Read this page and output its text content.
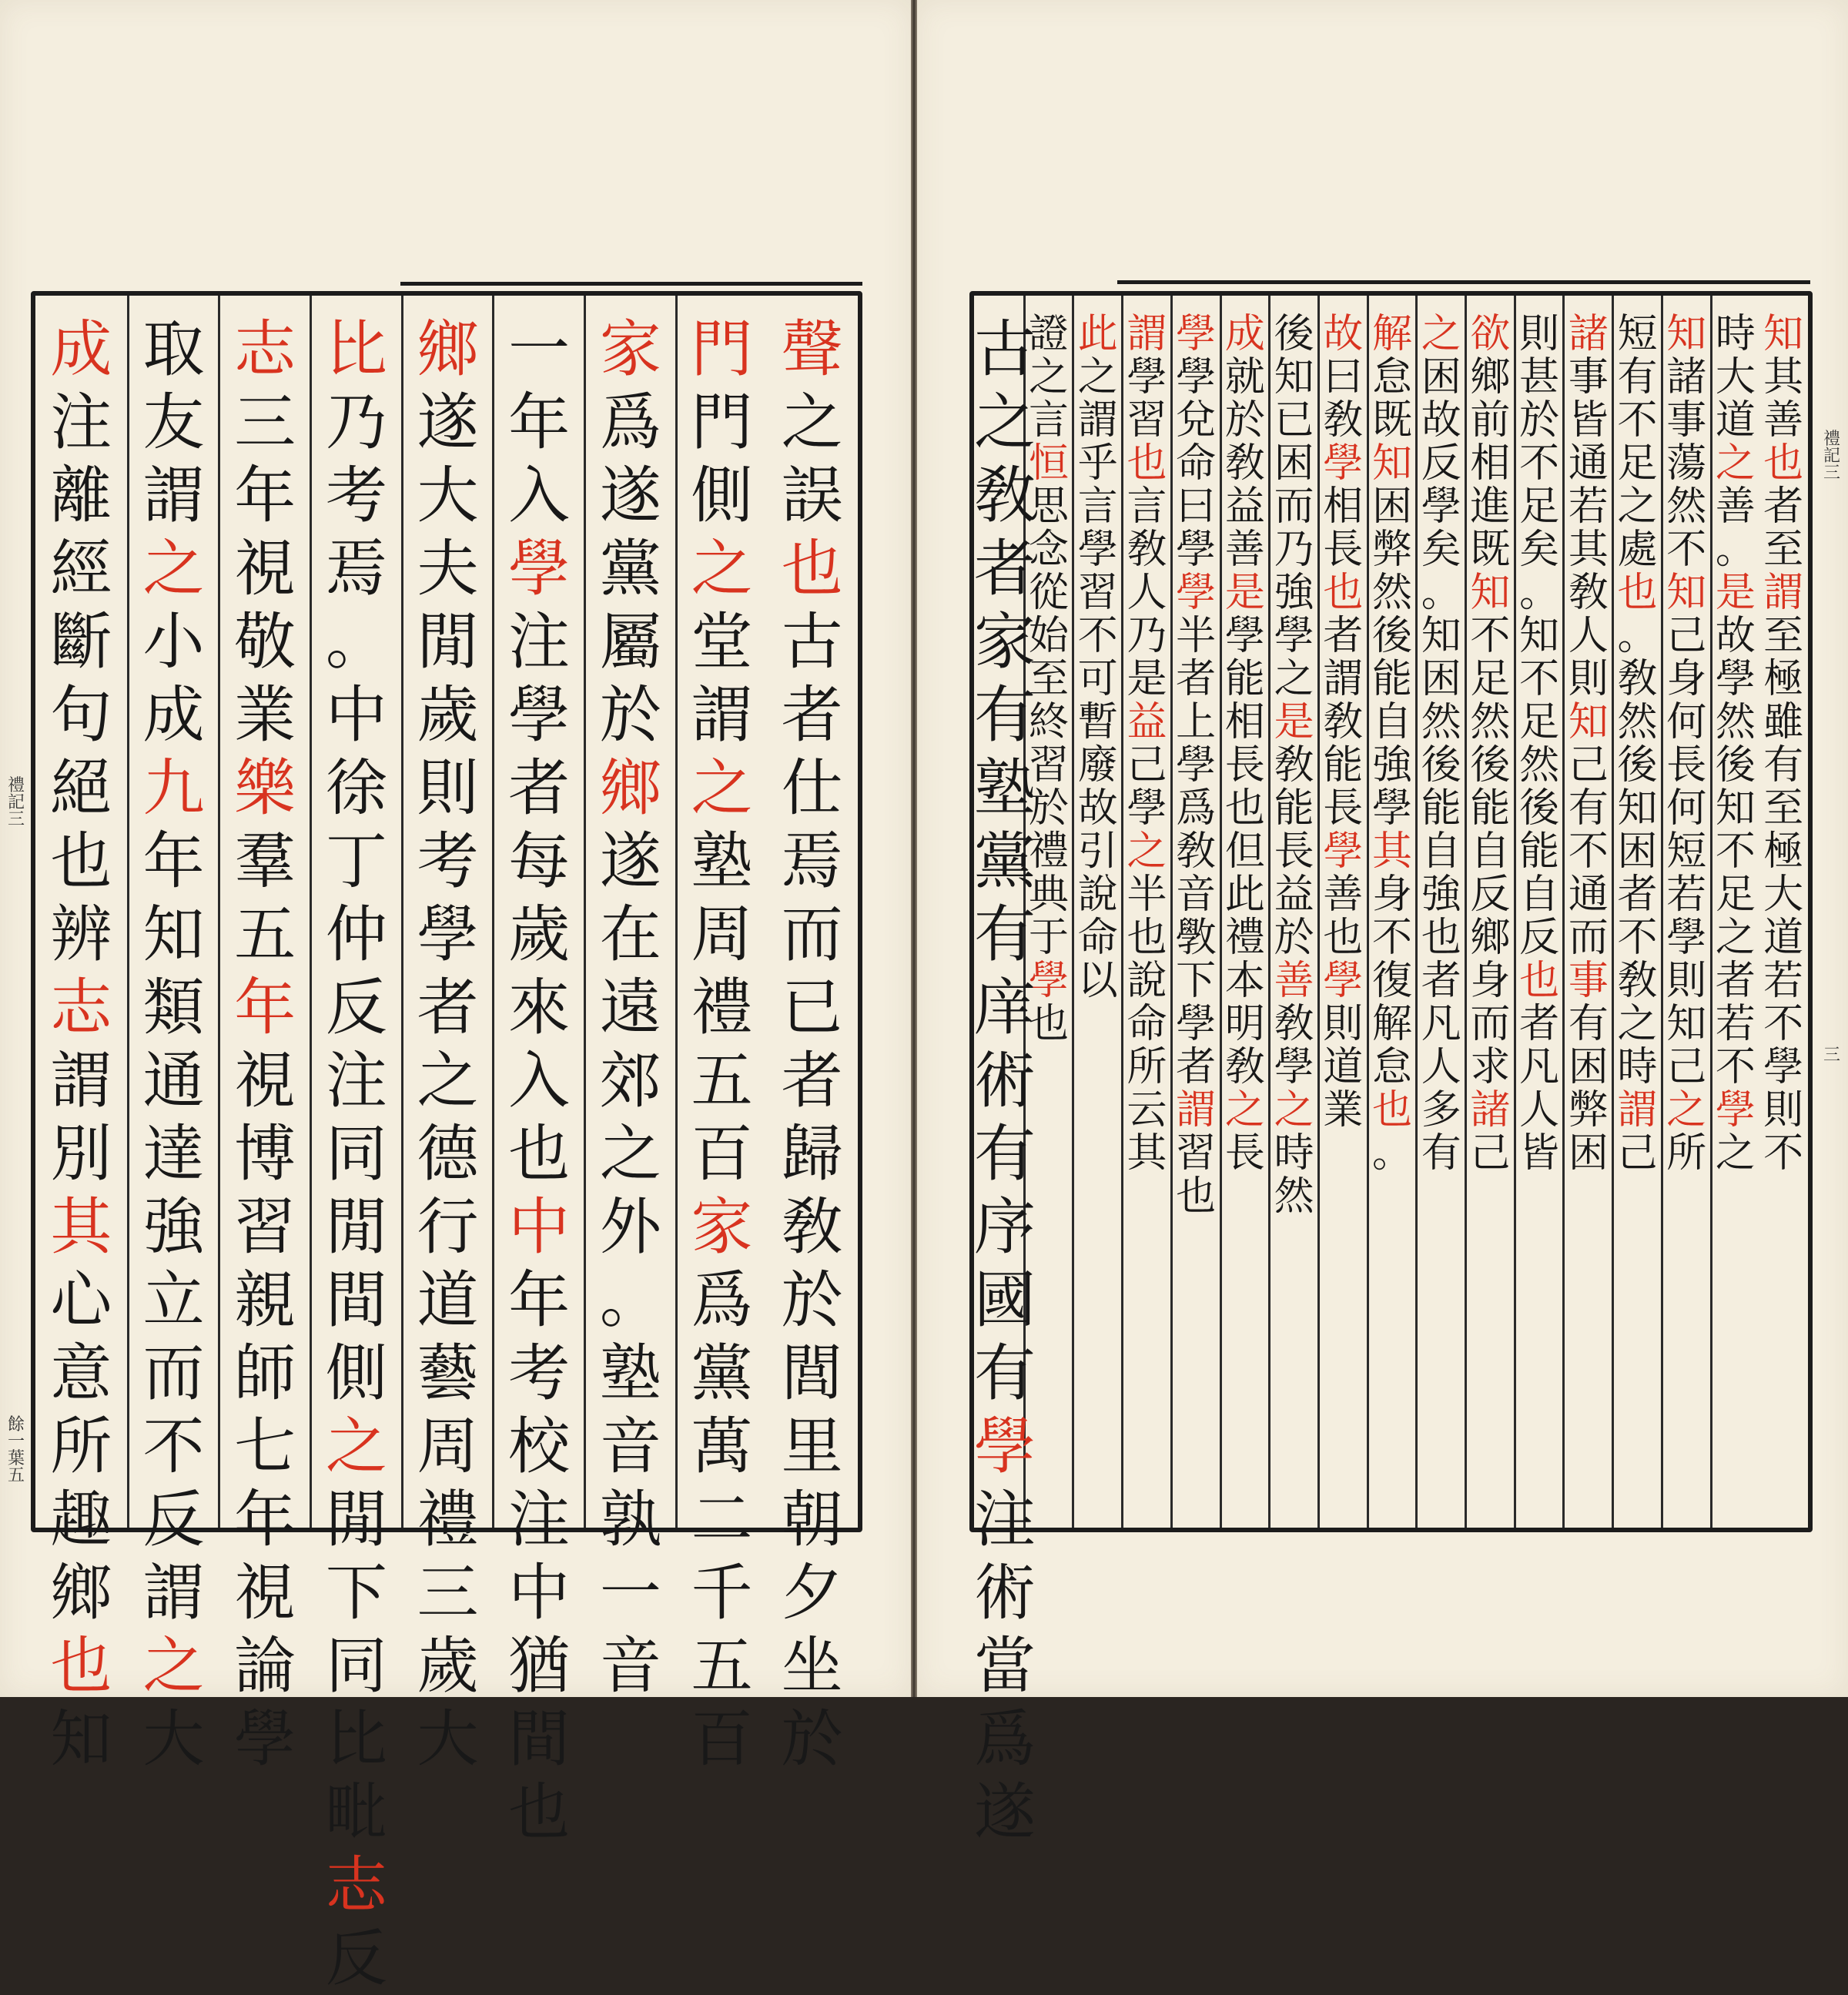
聲
之
誤
也
古
者
仕
焉
而
已
者
歸
敎
於
閭
里
朝
夕
坐
於
門
門
側
之
堂
謂
之
塾
周
禮
五
百
家
爲
黨
萬
二
千
五
百
家
爲
遂
黨
屬
於
鄉
遂
在
遠
郊
之
外
。
塾
音
孰
一
音
一
年
入
學
注
學
者
每
歲
來
入
也
中
年
考
校
注
中
猶
間
也
鄉
遂
大
夫
閒
歲
則
考
學
者
之
德
行
道
藝
周
禮
三
歲
大
比
乃
考
焉
。
中
徐
丁
仲
反
注
同
閒
間
側
之
閒
下
同
比
毗
志
反
志
三
年
視
敬
業
樂
羣
五
年
視
博
習
親
師
七
年
視
論
學
取
友
謂
之
小
成
九
年
知
類
通
達
強
立
而
不
反
謂
之
大
成
注
離
經
斷
句
絕
也
辨
志
謂
別
其
心
意
所
趣
鄉
也
知
禮記三
餘一葉五
知
其
善
也
者
至
謂
至
極
雖
有
至
極
大
道
若
不
學
則
不
時
大
道
之
善
。
是
故
學
然
後
知
不
足
之
者
若
不
學
之
知
諸
事
蕩
然
不
知
己
身
何
長
何
短
若
學
則
知
己
之
所
短
有
不
足
之
處
也
。
敎
然
後
知
困
者
不
敎
之
時
謂
己
諸
事
皆
通
若
其
敎
人
則
知
己
有
不
通
而
事
有
困
弊
困
則
甚
於
不
足
矣
。
知
不
足
然
後
能
自
反
也
者
凡
人
皆
欲
鄉
前
相
進
既
知
不
足
然
後
能
自
反
鄉
身
而
求
諸
己
之
困
故
反
學
矣
。
知
困
然
後
能
自
強
也
者
凡
人
多
有
解
怠
既
知
困
弊
然
後
能
自
強
學
其
身
不
復
解
怠
也
。
故
曰
敎
學
相
長
也
者
謂
敎
能
長
學
善
也
學
則
道
業
後
知
已
困
而
乃
強
學
之
是
敎
能
長
益
於
善
敎
學
之
時
然
成
就
於
敎
益
善
是
學
能
相
長
也
但
此
禮
本
明
敎
之
長
學
學
兌
命
曰
學
學
半
者
上
學
爲
敎
音
斆
下
學
者
謂
習
也
謂
學
習
也
言
敎
人
乃
是
益
己
學
之
半
也
說
命
所
云
其
此
之
謂
乎
言
學
習
不
可
暫
廢
故
引
說
命
以
證
之
言
恒
思
念
從
始
至
終
習
於
禮
典
于
學
也
古
之
敎
者
家
有
塾
黨
有
庠
術
有
序
國
有
學
注
術
當
爲
遂
禮記三
三
